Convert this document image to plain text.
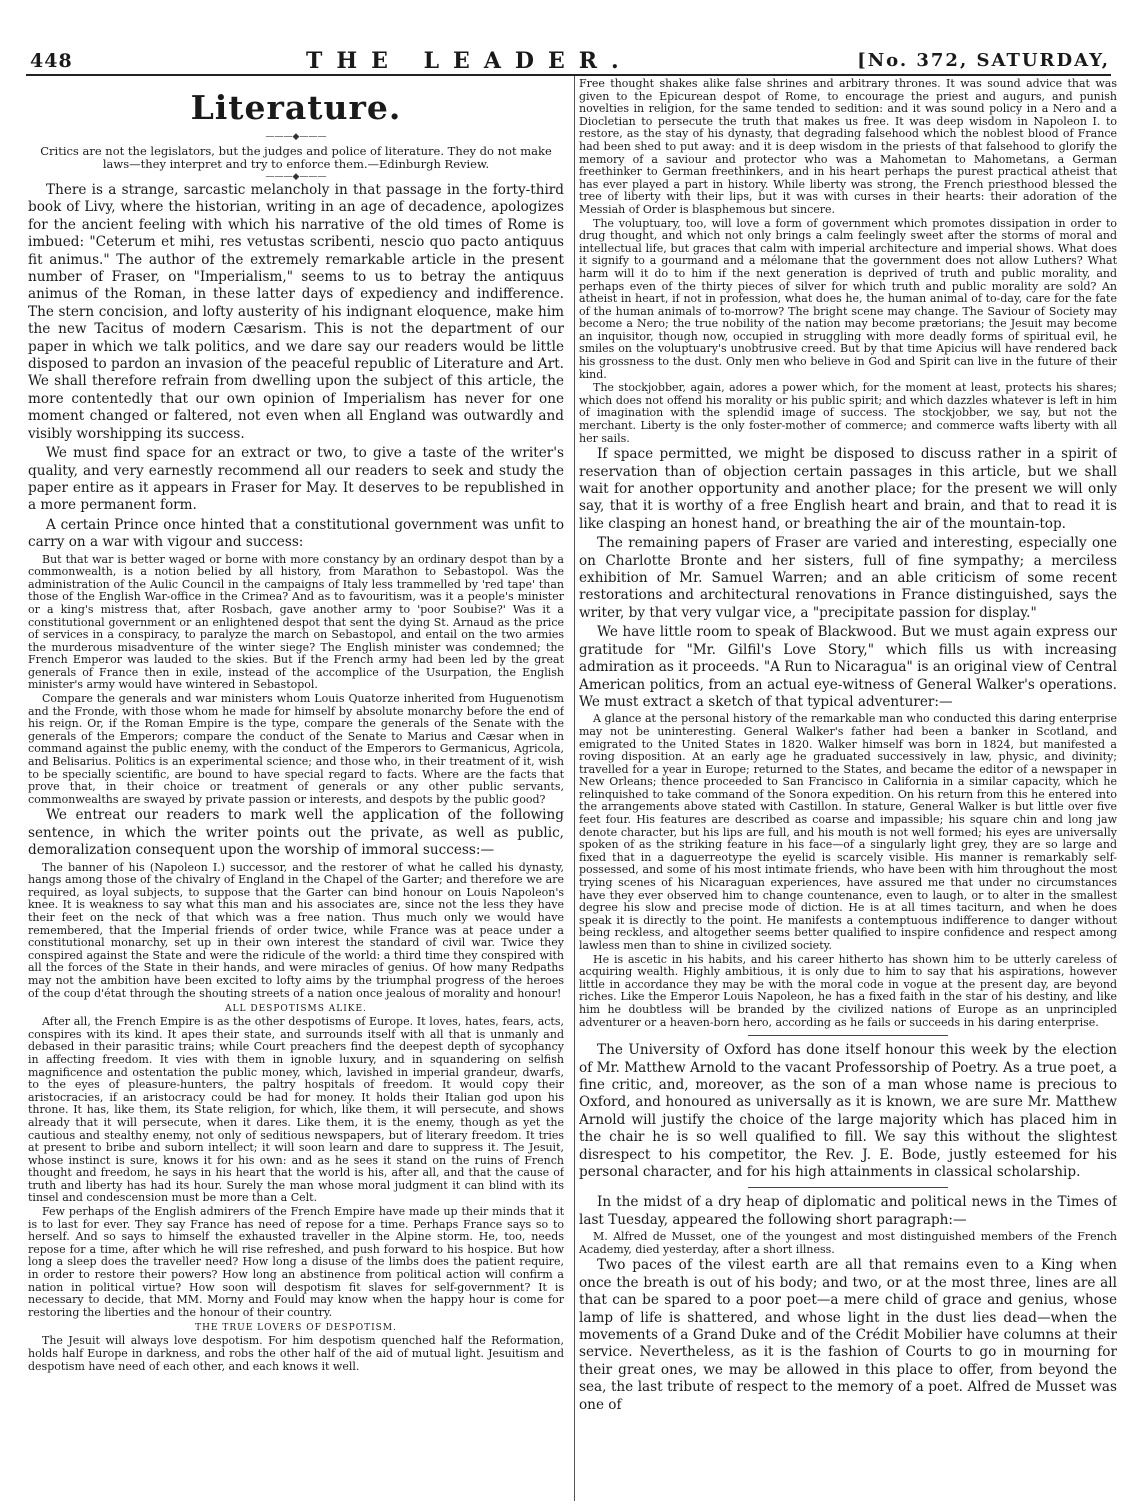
448	THE LEADER.	[No. 372, SATURDAY,
Literature.
———◆———
Critics are not the legislators, but the judges and police of literature. They do not make laws—they interpret and try to enforce them.—Edinburgh Review.
———◆———

There is a strange, sarcastic melancholy in that passage in the forty-third book of Livy, where the historian, writing in an age of decadence, apologizes for the ancient feeling with which his narrative of the old times of Rome is imbued: "Ceterum et mihi, res vetustas scribenti, nescio quo pacto antiquus fit animus." The author of the extremely remarkable article in the present number of Fraser, on "Imperialism," seems to us to betray the antiquus animus of the Roman, in these latter days of expediency and indifference. The stern concision, and lofty austerity of his indignant eloquence, make him the new Tacitus of modern Cæsarism. This is not the department of our paper in which we talk politics, and we dare say our readers would be little disposed to pardon an invasion of the peaceful republic of Literature and Art. We shall therefore refrain from dwelling upon the subject of this article, the more contentedly that our own opinion of Imperialism has never for one moment changed or faltered, not even when all England was outwardly and visibly worshipping its success.

We must find space for an extract or two, to give a taste of the writer's quality, and very earnestly recommend all our readers to seek and study the paper entire as it appears in Fraser for May. It deserves to be republished in a more permanent form.

A certain Prince once hinted that a constitutional government was unfit to carry on a war with vigour and success:

But that war is better waged or borne with more constancy by an ordinary despot than by a commonwealth, is a notion belied by all history, from Marathon to Sebastopol. Was the administration of the Aulic Council in the campaigns of Italy less trammelled by 'red tape' than those of the English War-office in the Crimea? And as to favouritism, was it a people's minister or a king's mistress that, after Rosbach, gave another army to 'poor Soubise?' Was it a constitutional government or an enlightened despot that sent the dying St. Arnaud as the price of services in a conspiracy, to paralyze the march on Sebastopol, and entail on the two armies the murderous misadventure of the winter siege? The English minister was condemned; the French Emperor was lauded to the skies. But if the French army had been led by the great generals of France then in exile, instead of the accomplice of the Usurpation, the English minister's army would have wintered in Sebastopol.

Compare the generals and war ministers whom Louis Quatorze inherited from Huguenotism and the Fronde, with those whom he made for himself by absolute monarchy before the end of his reign. Or, if the Roman Empire is the type, compare the generals of the Senate with the generals of the Emperors; compare the conduct of the Senate to Marius and Cæsar when in command against the public enemy, with the conduct of the Emperors to Germanicus, Agricola, and Belisarius. Politics is an experimental science; and those who, in their treatment of it, wish to be specially scientific, are bound to have special regard to facts. Where are the facts that prove that, in their choice or treatment of generals or any other public servants, commonwealths are swayed by private passion or interests, and despots by the public good?

We entreat our readers to mark well the application of the following sentence, in which the writer points out the private, as well as public, demoralization consequent upon the worship of immoral success:—

The banner of his (Napoleon I.) successor, and the restorer of what he called his dynasty, hangs among those of the chivalry of England in the Chapel of the Garter; and therefore we are required, as loyal subjects, to suppose that the Garter can bind honour on Louis Napoleon's knee. It is weakness to say what this man and his associates are, since not the less they have their feet on the neck of that which was a free nation. Thus much only we would have remembered, that the Imperial friends of order twice, while France was at peace under a constitutional monarchy, set up in their own interest the standard of civil war. Twice they conspired against the State and were the ridicule of the world: a third time they conspired with all the forces of the State in their hands, and were miracles of genius. Of how many Redpaths may not the ambition have been excited to lofty aims by the triumphal progress of the heroes of the coup d'état through the shouting streets of a nation once jealous of morality and honour!

ALL DESPOTISMS ALIKE.

After all, the French Empire is as the other despotisms of Europe. It loves, hates, fears, acts, conspires with its kind. It apes their state, and surrounds itself with all that is unmanly and debased in their parasitic trains; while Court preachers find the deepest depth of sycophancy in affecting freedom. It vies with them in ignoble luxury, and in squandering on selfish magnificence and ostentation the public money, which, lavished in imperial grandeur, dwarfs, to the eyes of pleasure-hunters, the paltry hospitals of freedom. It would copy their aristocracies, if an aristocracy could be had for money. It holds their Italian god upon his throne. It has, like them, its State religion, for which, like them, it will persecute, and shows already that it will persecute, when it dares. Like them, it is the enemy, though as yet the cautious and stealthy enemy, not only of seditious newspapers, but of literary freedom. It tries at present to bribe and suborn intellect; it will soon learn and dare to suppress it. The Jesuit, whose instinct is sure, knows it for his own: and as he sees it stand on the ruins of French thought and freedom, he says in his heart that the world is his, after all, and that the cause of truth and liberty has had its hour. Surely the man whose moral judgment it can blind with its tinsel and condescension must be more than a Celt.

Few perhaps of the English admirers of the French Empire have made up their minds that it is to last for ever. They say France has need of repose for a time. Perhaps France says so to herself. And so says to himself the exhausted traveller in the Alpine storm. He, too, needs repose for a time, after which he will rise refreshed, and push forward to his hospice. But how long a sleep does the traveller need? How long a disuse of the limbs does the patient require, in order to restore their powers? How long an abstinence from political action will confirm a nation in political virtue? How soon will despotism fit slaves for self-government? It is necessary to decide, that MM. Morny and Fould may know when the happy hour is come for restoring the liberties and the honour of their country.

THE TRUE LOVERS OF DESPOTISM.

The Jesuit will always love despotism. For him despotism quenched half the Reformation, holds half Europe in darkness, and robs the other half of the aid of mutual light. Jesuitism and despotism have need of each other, and each knows it well.

Free thought shakes alike false shrines and arbitrary thrones. It was sound advice that was given to the Epicurean despot of Rome, to encourage the priest and augurs, and punish novelties in religion, for the same tended to sedition: and it was sound policy in a Nero and a Diocletian to persecute the truth that makes us free. It was deep wisdom in Napoleon I. to restore, as the stay of his dynasty, that degrading falsehood which the noblest blood of France had been shed to put away: and it is deep wisdom in the priests of that falsehood to glorify the memory of a saviour and protector who was a Mahometan to Mahometans, a German freethinker to German freethinkers, and in his heart perhaps the purest practical atheist that has ever played a part in history. While liberty was strong, the French priesthood blessed the tree of liberty with their lips, but it was with curses in their hearts: their adoration of the Messiah of Order is blasphemous but sincere.

The voluptuary, too, will love a form of government which promotes dissipation in order to drug thought, and which not only brings a calm feelingly sweet after the storms of moral and intellectual life, but graces that calm with imperial architecture and imperial shows. What does it signify to a gourmand and a mélomane that the government does not allow Luthers? What harm will it do to him if the next generation is deprived of truth and public morality, and perhaps even of the thirty pieces of silver for which truth and public morality are sold? An atheist in heart, if not in profession, what does he, the human animal of to-day, care for the fate of the human animals of to-morrow? The bright scene may change. The Saviour of Society may become a Nero; the true nobility of the nation may become prætorians; the Jesuit may become an inquisitor, though now, occupied in struggling with more deadly forms of spiritual evil, he smiles on the voluptuary's unobtrusive creed. But by that time Apicius will have rendered back his grossness to the dust. Only men who believe in God and Spirit can live in the future of their kind.

The stockjobber, again, adores a power which, for the moment at least, protects his shares; which does not offend his morality or his public spirit; and which dazzles whatever is left in him of imagination with the splendid image of success. The stockjobber, we say, but not the merchant. Liberty is the only foster-mother of commerce; and commerce wafts liberty with all her sails.

If space permitted, we might be disposed to discuss rather in a spirit of reservation than of objection certain passages in this article, but we shall wait for another opportunity and another place; for the present we will only say, that it is worthy of a free English heart and brain, and that to read it is like clasping an honest hand, or breathing the air of the mountain-top.

The remaining papers of Fraser are varied and interesting, especially one on Charlotte Bronte and her sisters, full of fine sympathy; a merciless exhibition of Mr. Samuel Warren; and an able criticism of some recent restorations and architectural renovations in France distinguished, says the writer, by that very vulgar vice, a "precipitate passion for display."

We have little room to speak of Blackwood. But we must again express our gratitude for "Mr. Gilfil's Love Story," which fills us with increasing admiration as it proceeds. "A Run to Nicaragua" is an original view of Central American politics, from an actual eye-witness of General Walker's operations. We must extract a sketch of that typical adventurer:—

A glance at the personal history of the remarkable man who conducted this daring enterprise may not be uninteresting. General Walker's father had been a banker in Scotland, and emigrated to the United States in 1820. Walker himself was born in 1824, but manifested a roving disposition. At an early age he graduated successively in law, physic, and divinity; travelled for a year in Europe; returned to the States, and became the editor of a newspaper in New Orleans; thence proceeded to San Francisco in California in a similar capacity, which he relinquished to take command of the Sonora expedition. On his return from this he entered into the arrangements above stated with Castillon. In stature, General Walker is but little over five feet four. His features are described as coarse and impassible; his square chin and long jaw denote character, but his lips are full, and his mouth is not well formed; his eyes are universally spoken of as the striking feature in his face—of a singularly light grey, they are so large and fixed that in a daguerreotype the eyelid is scarcely visible. His manner is remarkably self-possessed, and some of his most intimate friends, who have been with him throughout the most trying scenes of his Nicaraguan experiences, have assured me that under no circumstances have they ever observed him to change countenance, even to laugh, or to alter in the smallest degree his slow and precise mode of diction. He is at all times taciturn, and when he does speak it is directly to the point. He manifests a contemptuous indifference to danger without being reckless, and altogether seems better qualified to inspire confidence and respect among lawless men than to shine in civilized society.

He is ascetic in his habits, and his career hitherto has shown him to be utterly careless of acquiring wealth. Highly ambitious, it is only due to him to say that his aspirations, however little in accordance they may be with the moral code in vogue at the present day, are beyond riches. Like the Emperor Louis Napoleon, he has a fixed faith in the star of his destiny, and like him he doubtless will be branded by the civilized nations of Europe as an unprincipled adventurer or a heaven-born hero, according as he fails or succeeds in his daring enterprise.

The University of Oxford has done itself honour this week by the election of Mr. Matthew Arnold to the vacant Professorship of Poetry. As a true poet, a fine critic, and, moreover, as the son of a man whose name is precious to Oxford, and honoured as universally as it is known, we are sure Mr. Matthew Arnold will justify the choice of the large majority which has placed him in the chair he is so well qualified to fill. We say this without the slightest disrespect to his competitor, the Rev. J. E. Bode, justly esteemed for his personal character, and for his high attainments in classical scholarship.

In the midst of a dry heap of diplomatic and political news in the Times of last Tuesday, appeared the following short paragraph:—

M. Alfred de Musset, one of the youngest and most distinguished members of the French Academy, died yesterday, after a short illness.

Two paces of the vilest earth are all that remains even to a King when once the breath is out of his body; and two, or at the most three, lines are all that can be spared to a poor poet—a mere child of grace and genius, whose lamp of life is shattered, and whose light in the dust lies dead—when the movements of a Grand Duke and of the Crédit Mobilier have columns at their service. Nevertheless, as it is the fashion of Courts to go in mourning for their great ones, we may be allowed in this place to offer, from beyond the sea, the last tribute of respect to the memory of a poet. Alfred de Musset was one of
